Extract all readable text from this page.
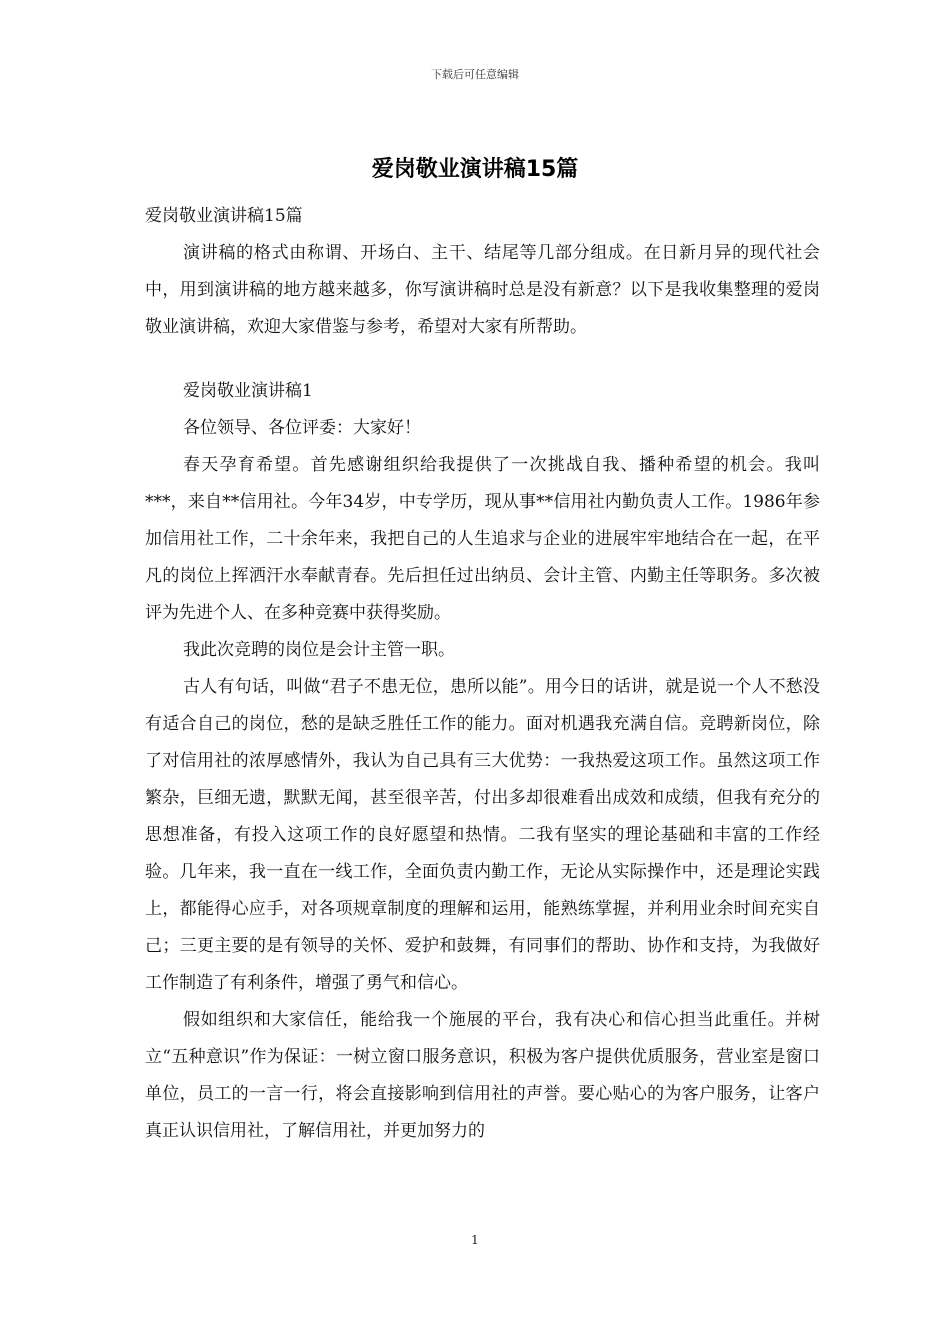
下载后可任意编辑
爱岗敬业演讲稿15篇

爱岗敬业演讲稿15篇

演讲稿的格式由称谓、开场白、主干、结尾等几部分组成。在日新月异的现代社会中，用到演讲稿的地方越来越多，你写演讲稿时总是没有新意？以下是我收集整理的爱岗敬业演讲稿，欢迎大家借鉴与参考，希望对大家有所帮助。

爱岗敬业演讲稿1

各位领导、各位评委：大家好！

春天孕育希望。首先感谢组织给我提供了一次挑战自我、播种希望的机会。我叫***，来自**信用社。今年34岁，中专学历，现从事**信用社内勤负责人工作。1986年参加信用社工作，二十余年来，我把自己的人生追求与企业的进展牢牢地结合在一起，在平凡的岗位上挥洒汗水奉献青春。先后担任过出纳员、会计主管、内勤主任等职务。多次被评为先进个人、在多种竞赛中获得奖励。

我此次竞聘的岗位是会计主管一职。

古人有句话，叫做“君子不患无位，患所以能”。用今日的话讲，就是说一个人不愁没有适合自己的岗位，愁的是缺乏胜任工作的能力。面对机遇我充满自信。竞聘新岗位，除了对信用社的浓厚感情外，我认为自己具有三大优势：一我热爱这项工作。虽然这项工作繁杂，巨细无遗，默默无闻，甚至很辛苦，付出多却很难看出成效和成绩，但我有充分的思想准备，有投入这项工作的良好愿望和热情。二我有坚实的理论基础和丰富的工作经验。几年来，我一直在一线工作，全面负责内勤工作，无论从实际操作中，还是理论实践上，都能得心应手，对各项规章制度的理解和运用，能熟练掌握，并利用业余时间充实自己；三更主要的是有领导的关怀、爱护和鼓舞，有同事们的帮助、协作和支持，为我做好工作制造了有利条件，增强了勇气和信心。

假如组织和大家信任，能给我一个施展的平台，我有决心和信心担当此重任。并树立“五种意识”作为保证：一树立窗口服务意识，积极为客户提供优质服务，营业室是窗口单位，员工的一言一行，将会直接影响到信用社的声誉。要心贴心的为客户服务，让客户真正认识信用社，了解信用社，并更加努力的

1
